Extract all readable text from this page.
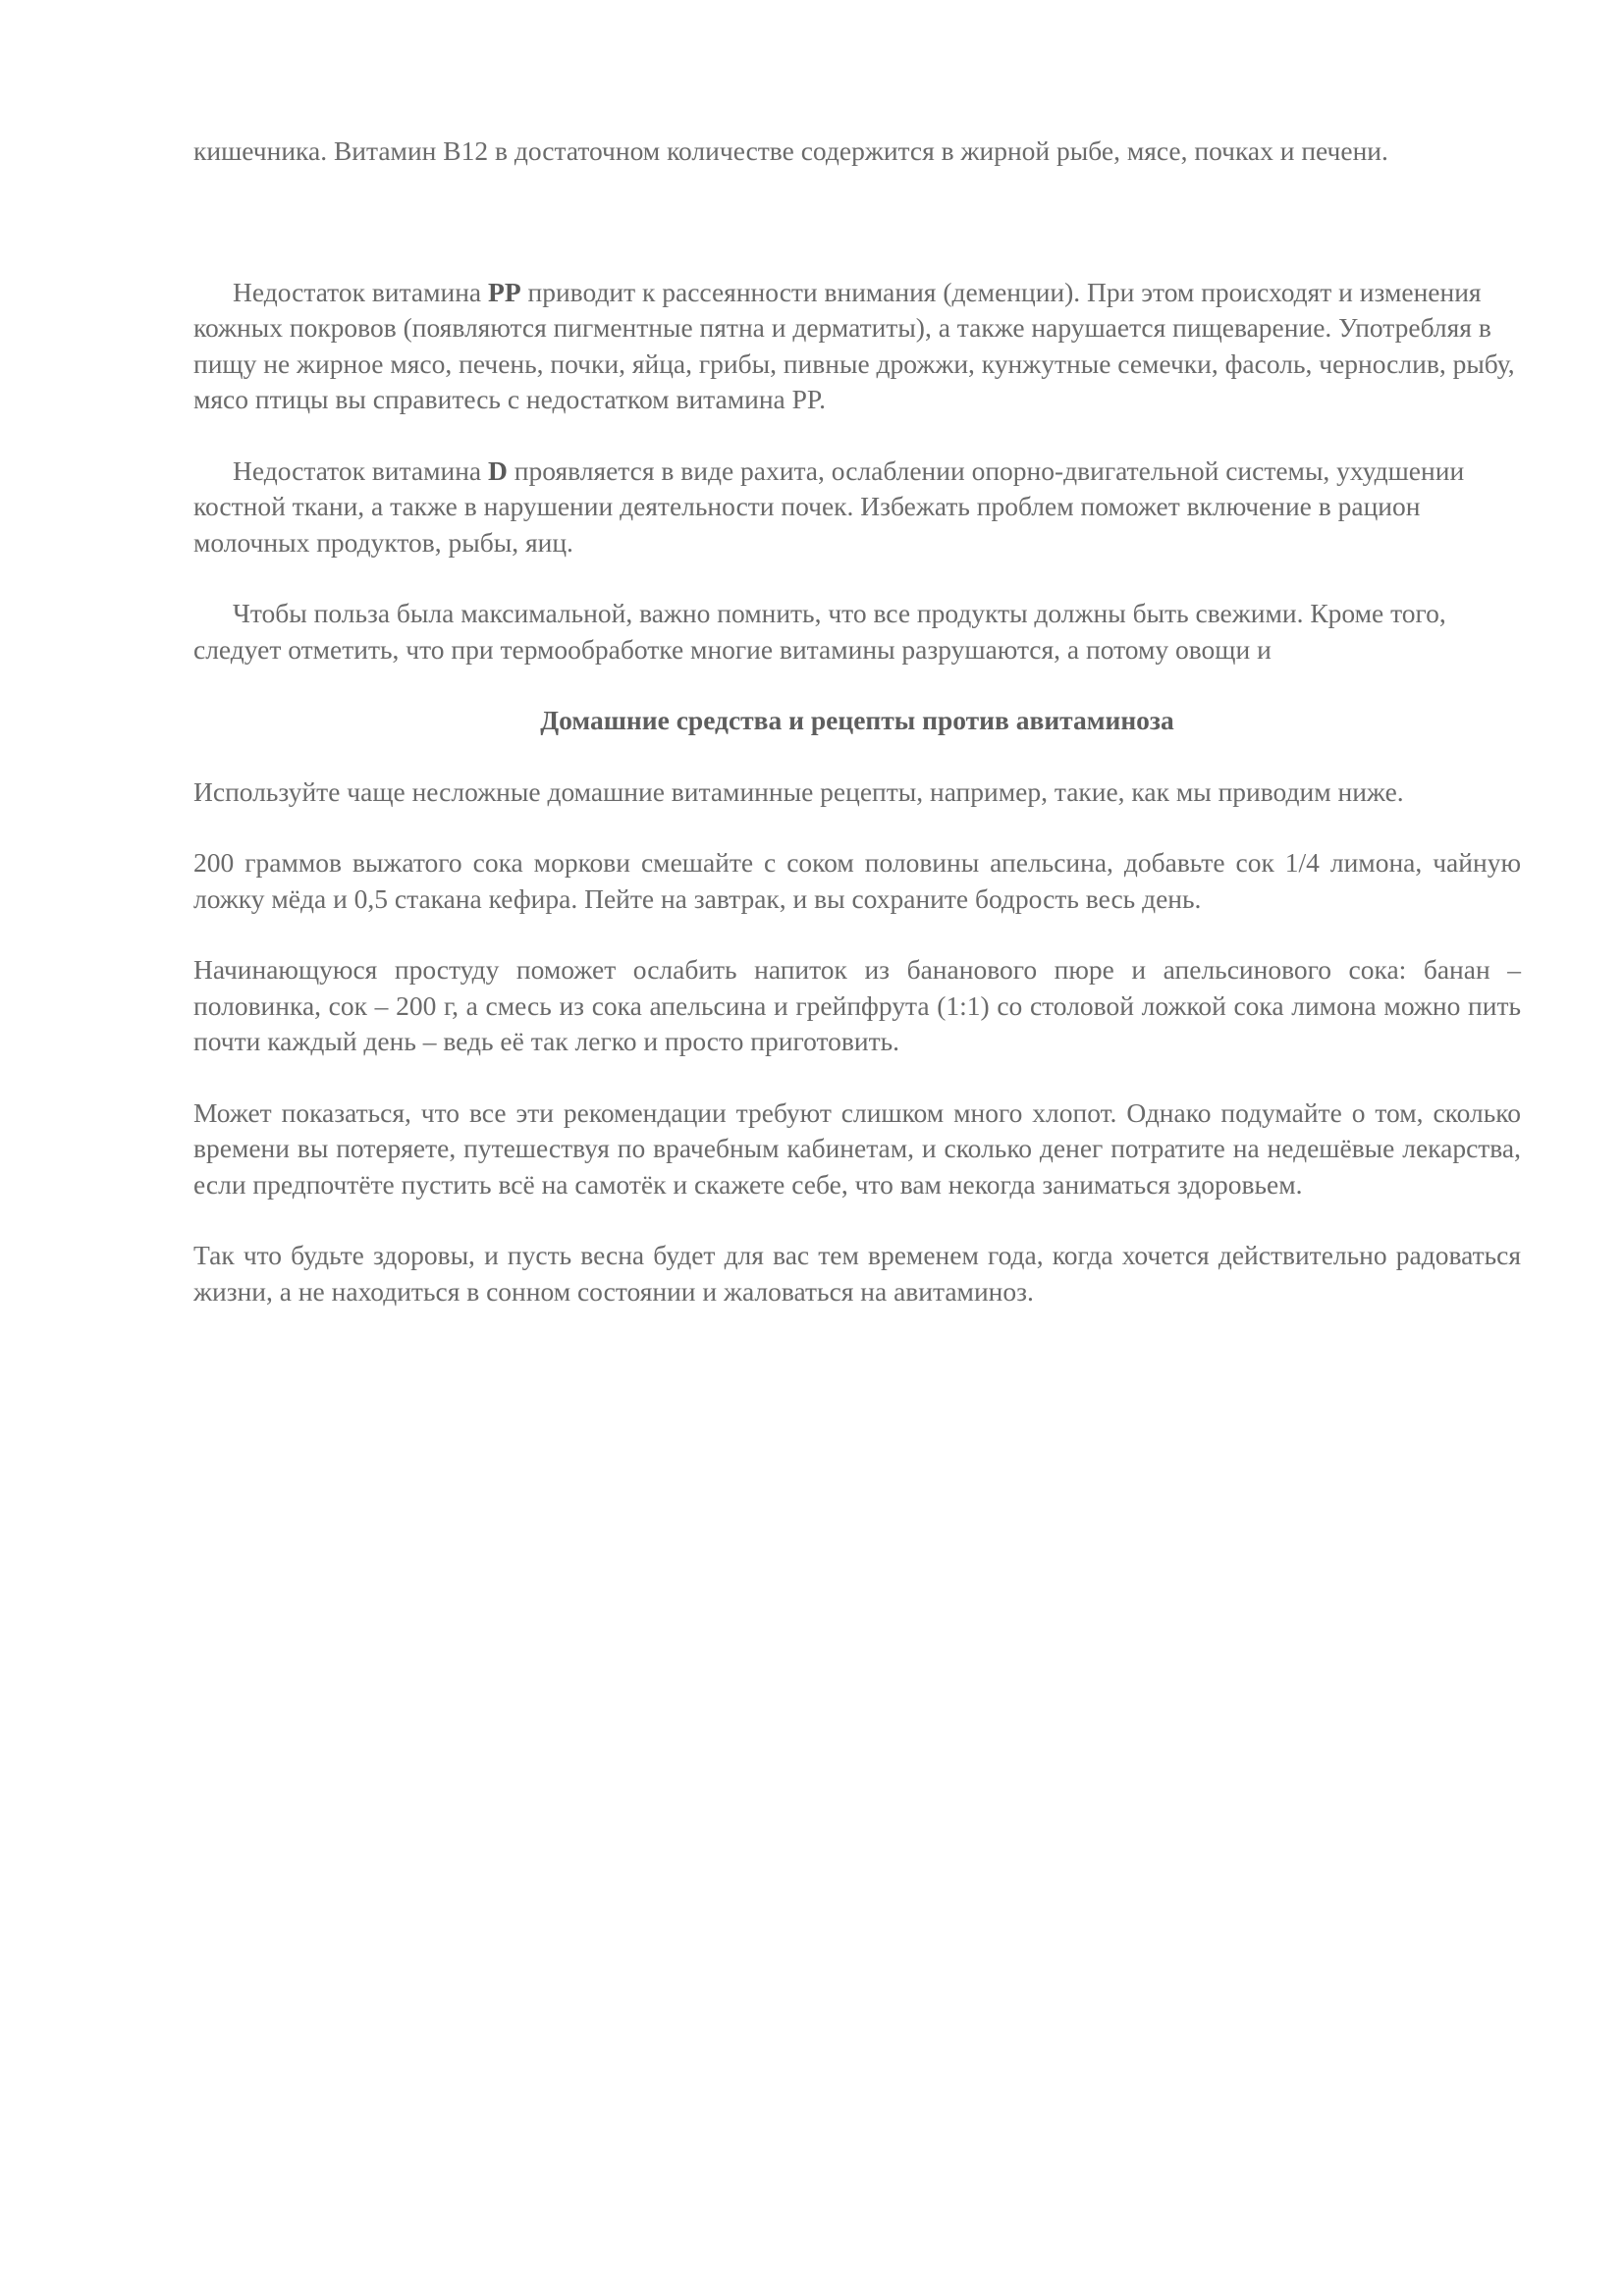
кишечника. Витамин B12 в достаточном количестве содержится в жирной рыбе, мясе, почках и печени.

Недостаток витамина PP приводит к рассеянности внимания (деменции). При этом происходят и изменения кожных покровов (появляются пигментные пятна и дерматиты), а также нарушается пищеварение. Употребляя в пищу не жирное мясо, печень, почки, яйца, грибы, пивные дрожжи, кунжутные семечки, фасоль, чернослив, рыбу, мясо птицы вы справитесь с недостатком витамина PP.

Недостаток витамина D проявляется в виде рахита, ослаблении опорно-двигательной системы, ухудшении костной ткани, а также в нарушении деятельности почек. Избежать проблем поможет включение в рацион молочных продуктов, рыбы, яиц.

Чтобы польза была максимальной, важно помнить, что все продукты должны быть свежими. Кроме того, следует отметить, что при термообработке многие витамины разрушаются, а потому овощи и

Домашние средства и рецепты против авитаминоза

Используйте чаще несложные домашние витаминные рецепты, например, такие, как мы приводим ниже.

200 граммов выжатого сока моркови смешайте с соком половины апельсина, добавьте сок 1/4 лимона, чайную ложку мёда и 0,5 стакана кефира. Пейте на завтрак, и вы сохраните бодрость весь день.

Начинающуюся простуду поможет ослабить напиток из бананового пюре и апельсинового сока: банан – половинка, сок – 200 г, а смесь из сока апельсина и грейпфрута (1:1) со столовой ложкой сока лимона можно пить почти каждый день – ведь её так легко и просто приготовить.

Может показаться, что все эти рекомендации требуют слишком много хлопот. Однако подумайте о том, сколько времени вы потеряете, путешествуя по врачебным кабинетам, и сколько денег потратите на недешёвые лекарства, если предпочтёте пустить всё на самотёк и скажете себе, что вам некогда заниматься здоровьем.

Так что будьте здоровы, и пусть весна будет для вас тем временем года, когда хочется действительно радоваться жизни, а не находиться в сонном состоянии и жаловаться на авитаминоз.
